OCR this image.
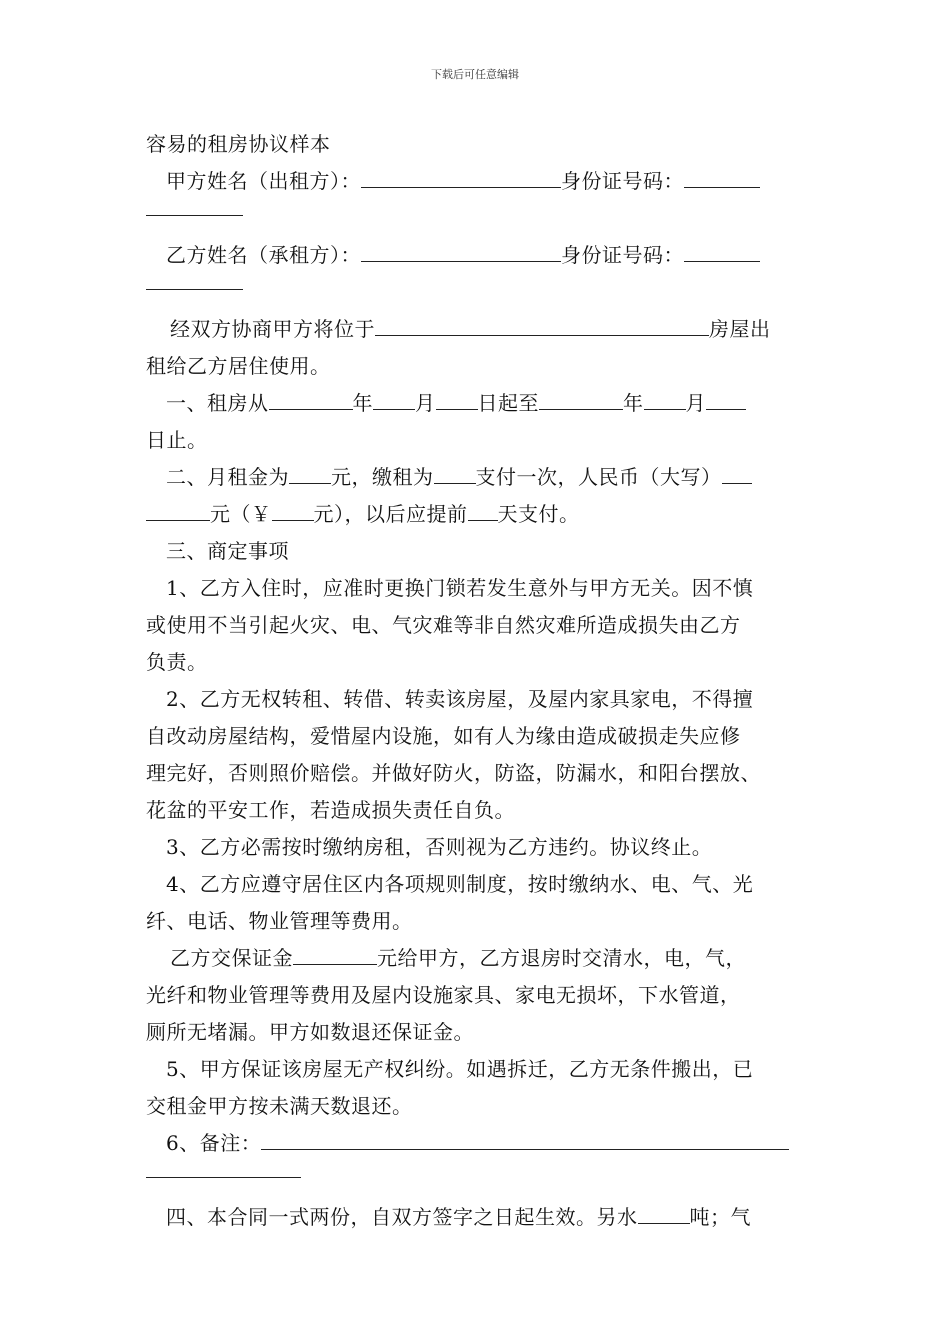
下载后可任意编辑
容易的租房协议样本
甲方姓名（出租方）：	身份证号码：
乙方姓名（承租方）：	身份证号码：
经双方协商甲方将位于	房屋出
租给乙方居住使用。
一、租房从	年 月 日起至	年 月
日止。
二、月租金为 元，缴租为 支付一次，人民币（大写）
元（￥ 元），以后应提前 天支付。
三、商定事项
1、乙方入住时，应准时更换门锁若发生意外与甲方无关。因不慎
或使用不当引起火灾、电、气灾难等非自然灾难所造成损失由乙方
负责。
2、乙方无权转租、转借、转卖该房屋，及屋内家具家电，不得擅
自改动房屋结构，爱惜屋内设施，如有人为缘由造成破损走失应修
理完好，否则照价赔偿。并做好防火，防盗，防漏水，和阳台摆放、
花盆的平安工作，若造成损失责任自负。
3、乙方必需按时缴纳房租，否则视为乙方违约。协议终止。
4、乙方应遵守居住区内各项规则制度，按时缴纳水、电、气、光
纤、电话、物业管理等费用。
乙方交保证金	元给甲方，乙方退房时交清水，电，气，
光纤和物业管理等费用及屋内设施家具、家电无损坏，下水管道，
厕所无堵漏。甲方如数退还保证金。
5、甲方保证该房屋无产权纠纷。如遇拆迁，乙方无条件搬出，已
交租金甲方按未满天数退还。
6、备注：
四、本合同一式两份，自双方签字之日起生效。另水	吨；气
